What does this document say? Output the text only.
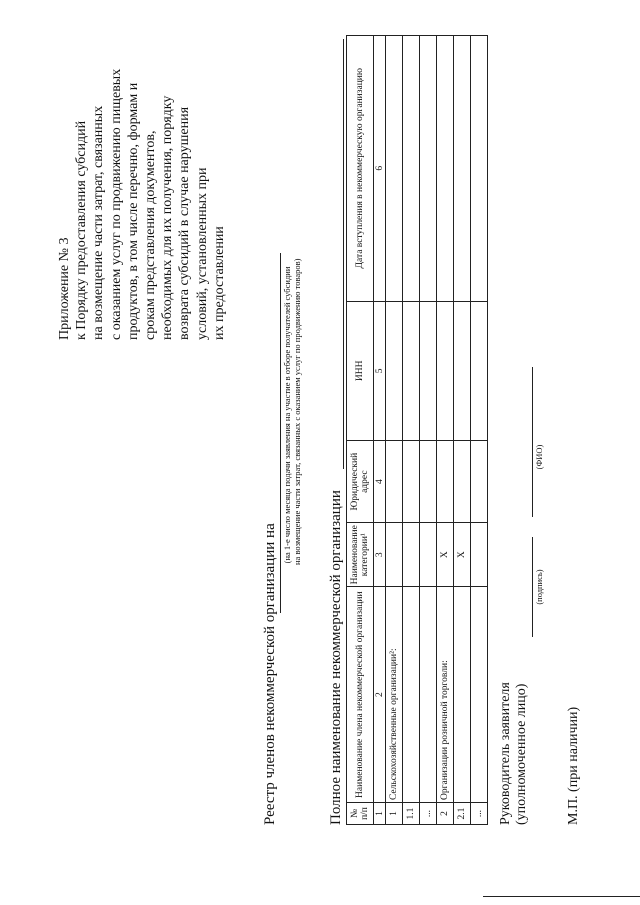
Приложение № 3 к Порядку предоставления субсидий на возмещение части затрат, связанных с оказанием услуг по продвижению пищевых продуктов, в том числе перечню, формам и срокам представления документов, необходимых для их получения, порядку возврата субсидий в случае нарушения условий, установленных при их предоставлении
Реестр членов некоммерческой организации на
(на 1-е число месяца подачи заявления на участие в отборе получателей субсидии на возмещение части затрат, связанных с оказанием услуг по продвижению товаров)
Полное наименование некоммерческой организации № п/п	Наименование члена некоммерческой организации	Наименование категории¹	Юридический адрес	ИНН	Дата вступления в некоммерческую организацию
1	2	3	4	5	6
1	Сельскохозяйственные организации²:				
1.1					
...					
2	Организации розничной торговли:	X			
2.1		X			
...					Руководитель заявителя (уполномоченное лицо)
(подпись)
(ФИО)
М.П. (при наличии)
